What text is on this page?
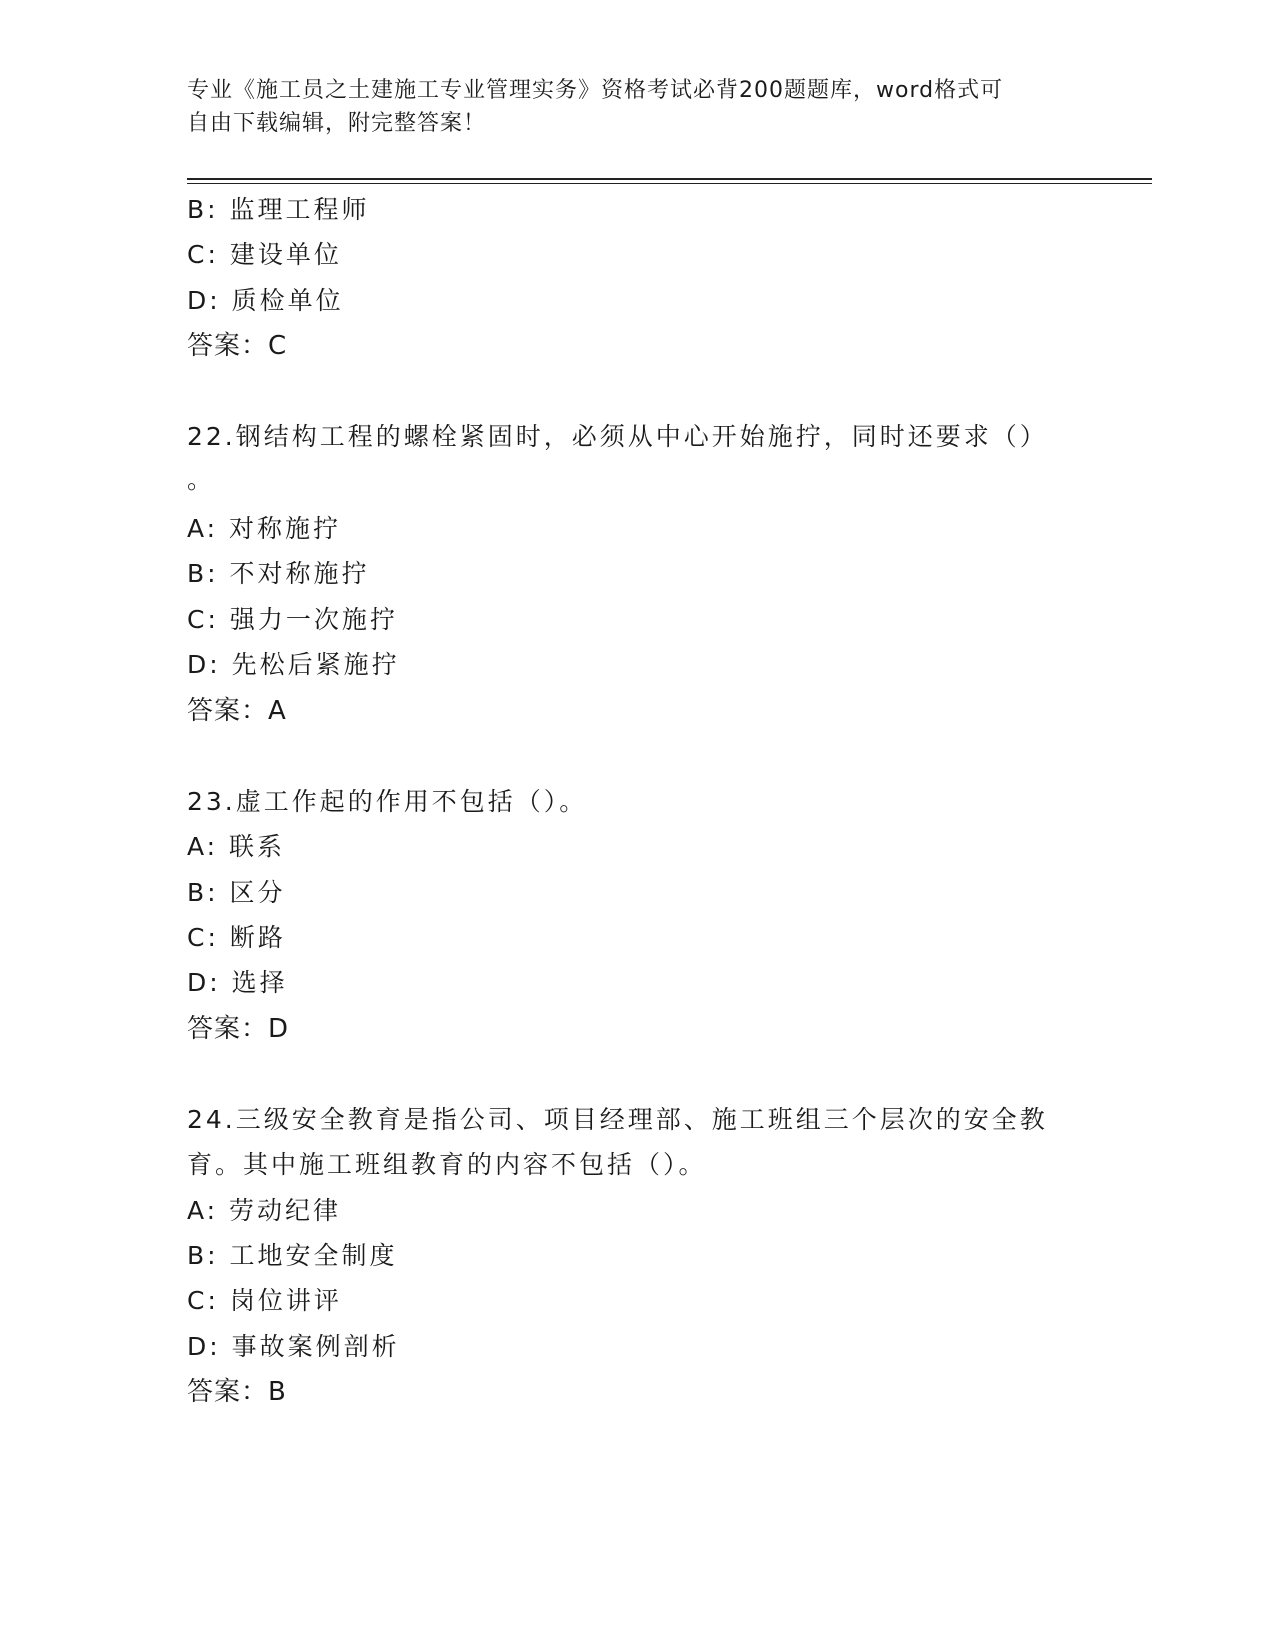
专业《施工员之土建施工专业管理实务》资格考试必背200题题库，word格式可
自由下载编辑，附完整答案！
B: 监理工程师
C: 建设单位
D: 质检单位
答案：C
22.钢结构工程的螺栓紧固时，必须从中心开始施拧，同时还要求（）
。
A: 对称施拧
B: 不对称施拧
C: 强力一次施拧
D: 先松后紧施拧
答案：A
23.虚工作起的作用不包括（）。
A: 联系
B: 区分
C: 断路
D: 选择
答案：D
24.三级安全教育是指公司、项目经理部、施工班组三个层次的安全教
育。其中施工班组教育的内容不包括（）。
A: 劳动纪律
B: 工地安全制度
C: 岗位讲评
D: 事故案例剖析
答案：B
